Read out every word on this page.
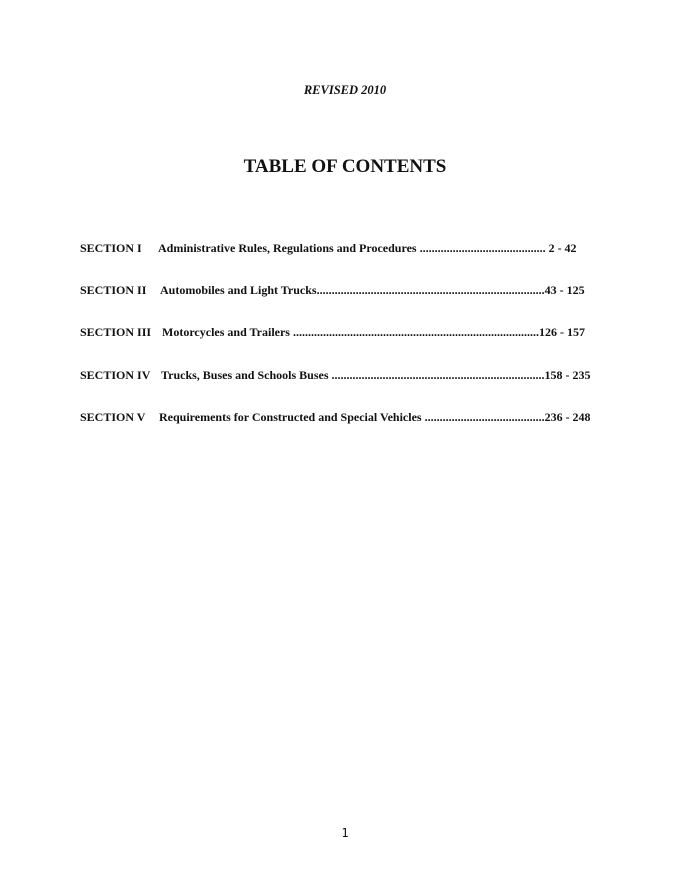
REVISED 2010
TABLE OF CONTENTS
SECTION I Administrative Rules, Regulations and Procedures .......................................... 2 - 42
SECTION II Automobiles and Light Trucks............................................................................43 - 125
SECTION III Motorcycles and Trailers ..................................................................................126 - 157
SECTION IV Trucks, Buses and Schools Buses .......................................................................158 - 235
SECTION V Requirements for Constructed and Special Vehicles ........................................236 - 248
1
